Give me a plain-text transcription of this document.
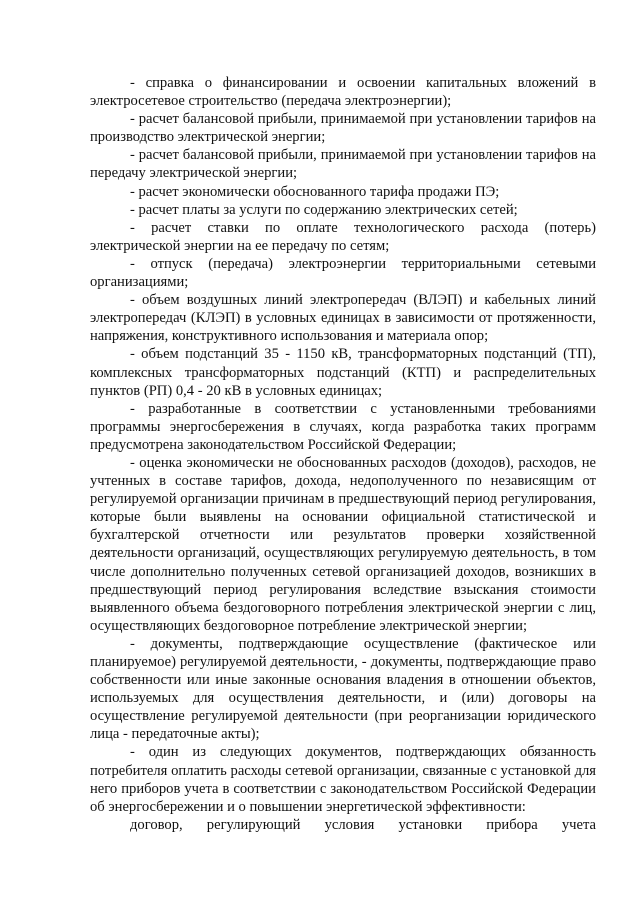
- справка о финансировании и освоении капитальных вложений в электросетевое строительство (передача электроэнергии);

- расчет балансовой прибыли, принимаемой при установлении тарифов на производство электрической энергии;

- расчет балансовой прибыли, принимаемой при установлении тарифов на передачу электрической энергии;

- расчет экономически обоснованного тарифа продажи ПЭ;

- расчет платы за услуги по содержанию электрических сетей;

- расчет ставки по оплате технологического расхода (потерь) электрической энергии на ее передачу по сетям;

- отпуск (передача) электроэнергии территориальными сетевыми организациями;

- объем воздушных линий электропередач (ВЛЭП) и кабельных линий электропередач (КЛЭП) в условных единицах в зависимости от протяженности, напряжения, конструктивного использования и материала опор;

- объем подстанций 35 - 1150 кВ, трансформаторных подстанций (ТП), комплексных трансформаторных подстанций (КТП) и распределительных пунктов (РП) 0,4 - 20 кВ в условных единицах;

- разработанные в соответствии с установленными требованиями программы энергосбережения в случаях, когда разработка таких программ предусмотрена законодательством Российской Федерации;

- оценка экономически не обоснованных расходов (доходов), расходов, не учтенных в составе тарифов, дохода, недополученного по независящим от регулируемой организации причинам в предшествующий период регулирования, которые были выявлены на основании официальной статистической и бухгалтерской отчетности или результатов проверки хозяйственной деятельности организаций, осуществляющих регулируемую деятельность, в том числе дополнительно полученных сетевой организацией доходов, возникших в предшествующий период регулирования вследствие взыскания стоимости выявленного объема бездоговорного потребления электрической энергии с лиц, осуществляющих бездоговорное потребление электрической энергии;

- документы, подтверждающие осуществление (фактическое или планируемое) регулируемой деятельности, - документы, подтверждающие право собственности или иные законные основания владения в отношении объектов, используемых для осуществления деятельности, и (или) договоры на осуществление регулируемой деятельности (при реорганизации юридического лица - передаточные акты);

- один из следующих документов, подтверждающих обязанность потребителя оплатить расходы сетевой организации, связанные с установкой для него приборов учета в соответствии с законодательством Российской Федерации об энергосбережении и о повышении энергетической эффективности:

договор, регулирующий условия установки прибора учета
